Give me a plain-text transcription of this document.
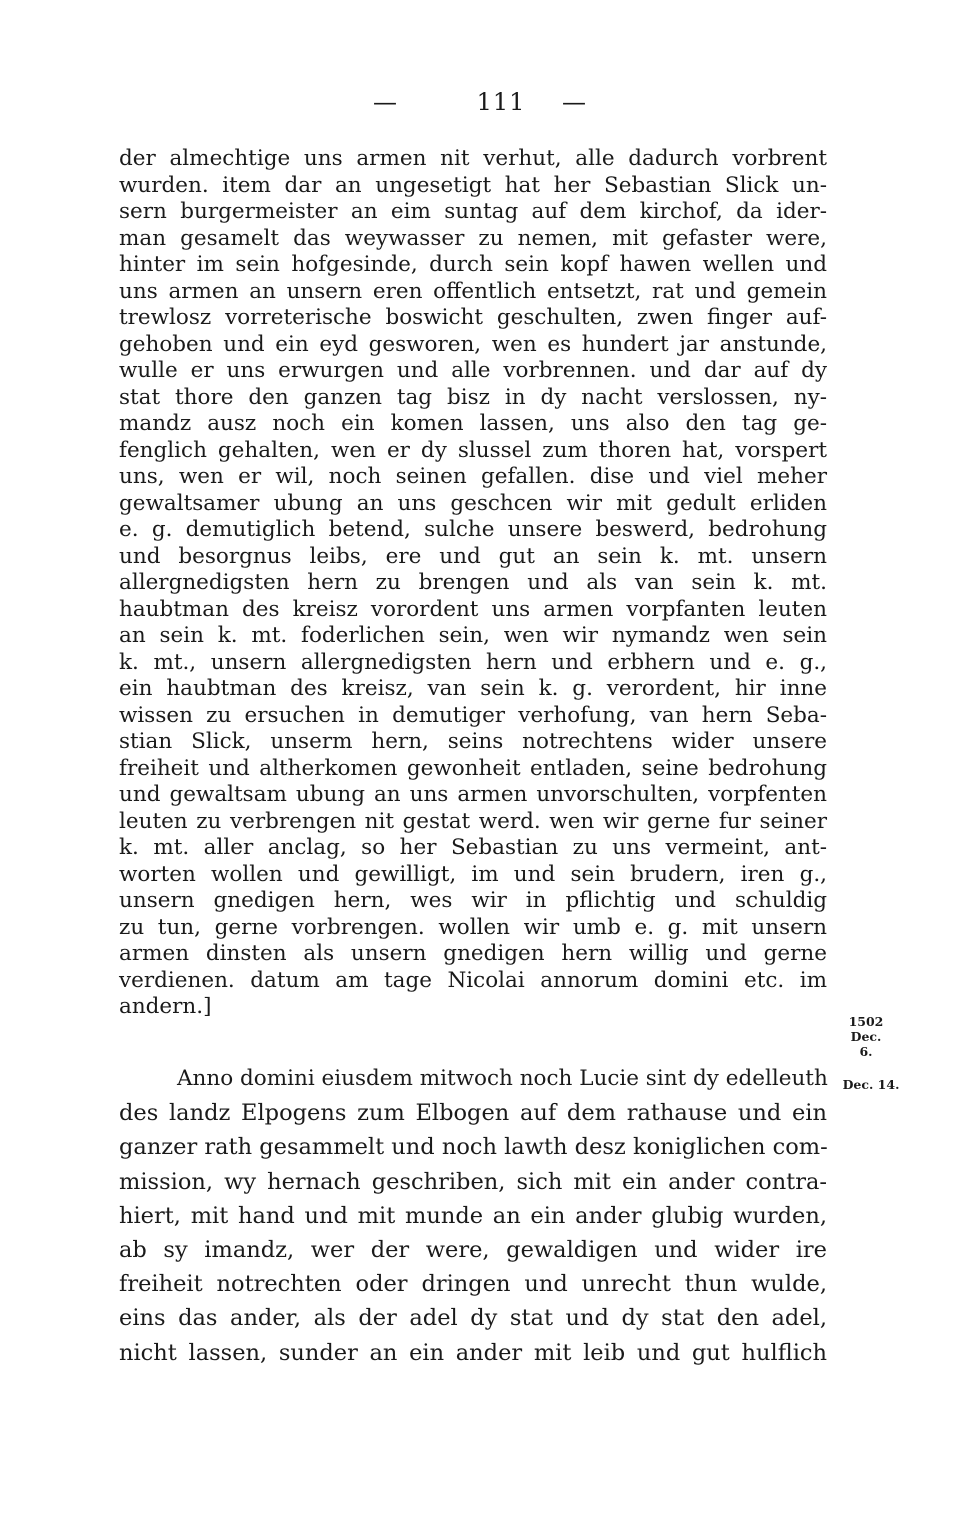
—	111 —
der almechtige uns armen nit verhut, alle dadurch vorbrent
wurden. item dar an ungesetigt hat her Sebastian Slick un-
sern burgermeister an eim suntag auf dem kirchof, da ider-
man gesamelt das weywasser zu nemen, mit gefaster were,
hinter im sein hofgesinde, durch sein kopf hawen wellen und
uns armen an unsern eren offentlich entsetzt, rat und gemein
trewlosz vorreterische boswicht geschulten, zwen finger auf-
gehoben und ein eyd gesworen, wen es hundert jar anstunde,
wulle er uns erwurgen und alle vorbrennen. und dar auf dy
stat thore den ganzen tag bisz in dy nacht verslossen, ny-
mandz ausz noch ein komen lassen, uns also den tag ge-
fenglich gehalten, wen er dy slussel zum thoren hat, vorspert
uns, wen er wil, noch seinen gefallen. dise und viel meher
gewaltsamer ubung an uns geschcen wir mit gedult erliden
e. g. demutiglich betend, sulche unsere beswerd, bedrohung
und besorgnus leibs, ere und gut an sein k. mt. unsern
allergnedigsten hern zu brengen und als van sein k. mt.
haubtman des kreisz vorordent uns armen vorpfanten leuten
an sein k. mt. foderlichen sein, wen wir nymandz wen sein
k. mt., unsern allergnedigsten hern und erbhern und e. g.,
ein haubtman des kreisz, van sein k. g. verordent, hir inne
wissen zu ersuchen in demutiger verhofung, van hern Seba-
stian Slick, unserm hern, seins notrechtens wider unsere
freiheit und altherkomen gewonheit entladen, seine bedrohung
und gewaltsam ubung an uns armen unvorschulten, vorpfenten
leuten zu verbrengen nit gestat werd. wen wir gerne fur seiner
k. mt. aller anclag, so her Sebastian zu uns vermeint, ant-
worten wollen und gewilligt, im und sein brudern, iren g.,
unsern gnedigen hern, wes wir in pflichtig und schuldig
zu tun, gerne vorbrengen. wollen wir umb e. g. mit unsern
armen dinsten als unsern gnedigen hern willig und gerne
verdienen. datum am tage Nicolai annorum domini etc. im
andern.]
1502
Dec. 6.
Anno domini eiusdem mitwoch noch Lucie sint dy edelleuth
des landz Elpogens zum Elbogen auf dem rathause und ein
ganzer rath gesammelt und noch lawth desz koniglichen com-
mission, wy hernach geschriben, sich mit ein ander contra-
hiert, mit hand und mit munde an ein ander glubig wurden,
ab sy imandz, wer der were, gewaldigen und wider ire
freiheit notrechten oder dringen und unrecht thun wulde,
eins das ander, als der adel dy stat und dy stat den adel,
nicht lassen, sunder an ein ander mit leib und gut hulflich
Dec. 14.
